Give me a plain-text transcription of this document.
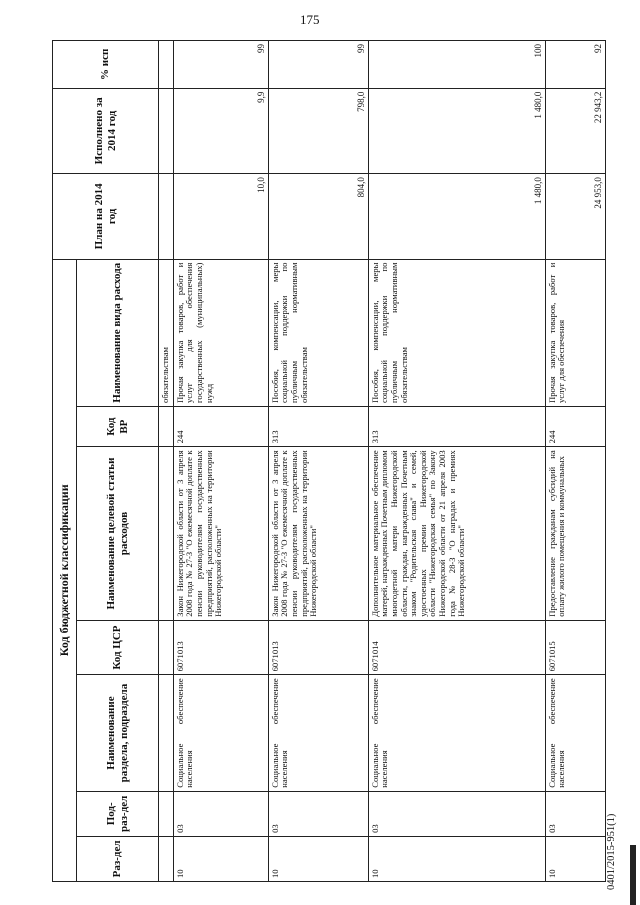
175
Код бюджетной классификации							План на 2014 год	Исполнено за 2014 год	% исп
Раз-дел	Под-раз-дел	Наименование раздела, подраздела	Код ЦСР	Наименование целевой статьи расходов	Код ВР	Наименование вида расхода			
						обязательствам			
10	03	Социальное обеспечение населения	6071013	Закон Нижегородской области от 3 апреля 2008 года № 27-З "О ежемесячной доплате к пенсии руководителям государственных предприятий, расположенных на территории Нижегородской области"	244	Прочая закупка товаров, работ и услуг для обеспечения государственных (муниципальных) нужд	10,0	9,9	99
10	03	Социальное обеспечение населения	6071013	Закон Нижегородской области от 3 апреля 2008 года № 27-З "О ежемесячной доплате к пенсии руководителям государственных предприятий, расположенных на территории Нижегородской области"	313	Пособия, компенсации, меры социальной поддержки по публичным нормативным обязательствам	804,0	798,0	99
10	03	Социальное обеспечение населения	6071014	Дополнительное материальное обеспечение матерей, награжденных Почетным дипломом многодетной матери Нижегородской области, граждан, награжденных Почетным знаком "Родительская слава" и семей, удостоенных премии Нижегородской области "Нижегородская семья" по Закону Нижегородской области от 21 апреля 2003 года № 28-З "О наградах и премиях Нижегородской области"	313	Пособия, компенсации, меры социальной поддержки по публичным нормативным обязательствам	1 480,0	1 480,0	100
10	03	Социальное обеспечение населения	6071015	Предоставление гражданам субсидий на оплату жилого помещения и коммунальных	244	Прочая закупка товаров, работ и услуг для обеспечения	24 953,0	22 943,2	92
0401/2015-951(1)
